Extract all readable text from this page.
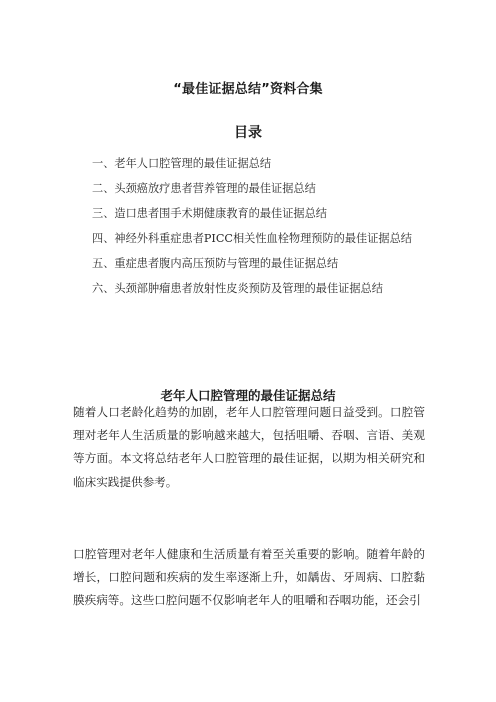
“最佳证据总结”资料合集
目录
一、老年人口腔管理的最佳证据总结
二、头颈癌放疗患者营养管理的最佳证据总结
三、造口患者围手术期健康教育的最佳证据总结
四、神经外科重症患者PICC相关性血栓物理预防的最佳证据总结
五、重症患者腹内高压预防与管理的最佳证据总结
六、头颈部肿瘤患者放射性皮炎预防及管理的最佳证据总结
老年人口腔管理的最佳证据总结

随着人口老龄化趋势的加剧，老年人口腔管理问题日益受到。口腔管理对老年人生活质量的影响越来越大，包括咀嚼、吞咽、言语、美观等方面。本文将总结老年人口腔管理的最佳证据，以期为相关研究和临床实践提供参考。

口腔管理对老年人健康和生活质量有着至关重要的影响。随着年龄的增长，口腔问题和疾病的发生率逐渐上升，如龋齿、牙周病、口腔黏膜疾病等。这些口腔问题不仅影响老年人的咀嚼和吞咽功能，还会引
